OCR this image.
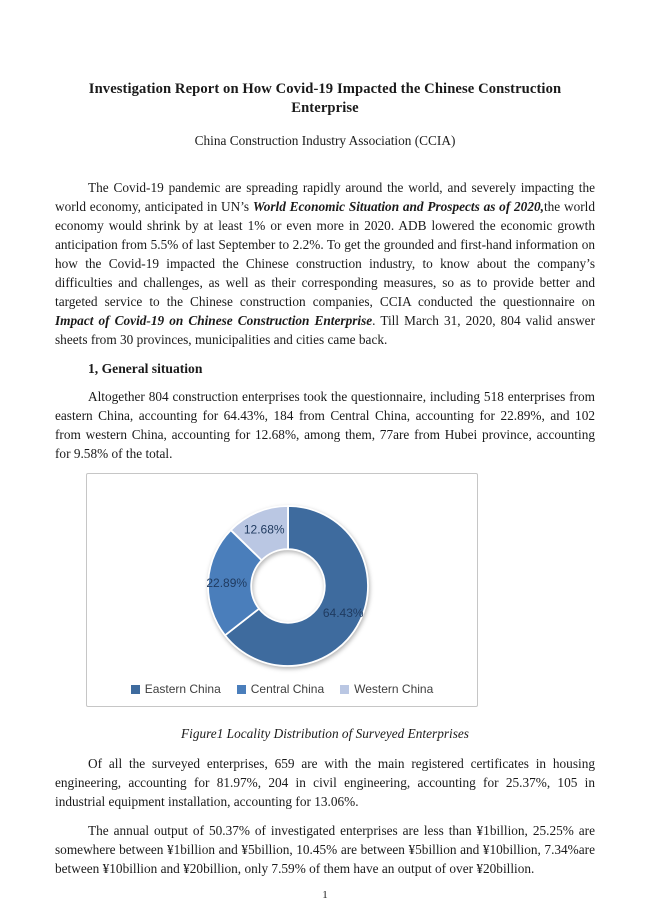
Investigation Report on How Covid-19 Impacted the Chinese Construction Enterprise

China Construction Industry Association (CCIA)

The Covid-19 pandemic are spreading rapidly around the world, and severely impacting the world economy, anticipated in UN’s World Economic Situation and Prospects as of 2020,the world economy would shrink by at least 1% or even more in 2020. ADB lowered the economic growth anticipation from 5.5% of last September to 2.2%. To get the grounded and first-hand information on how the Covid-19 impacted the Chinese construction industry, to know about the company’s difficulties and challenges, as well as their corresponding measures, so as to provide better and targeted service to the Chinese construction companies, CCIA conducted the questionnaire on Impact of Covid-19 on Chinese Construction Enterprise. Till March 31, 2020, 804 valid answer sheets from 30 provinces, municipalities and cities came back.

1, General situation

Altogether 804 construction enterprises took the questionnaire, including 518 enterprises from eastern China, accounting for 64.43%, 184 from Central China, accounting for 22.89%, and 102 from western China, accounting for 12.68%, among them, 77are from Hubei province, accounting for 9.58% of the total.

64.43%
22.89%
12.68%
Eastern China	Central China	Western China

Figure1 Locality Distribution of Surveyed Enterprises

Of all the surveyed enterprises, 659 are with the main registered certificates in housing engineering, accounting for 81.97%, 204 in civil engineering, accounting for 25.37%, 105 in industrial equipment installation, accounting for 13.06%.

The annual output of 50.37% of investigated enterprises are less than ¥1billion, 25.25% are somewhere between ¥1billion and ¥5billion, 10.45% are between ¥5billion and ¥10billion, 7.34%are between ¥10billion and ¥20billion, only 7.59% of them have an output of over ¥20billion.

1
